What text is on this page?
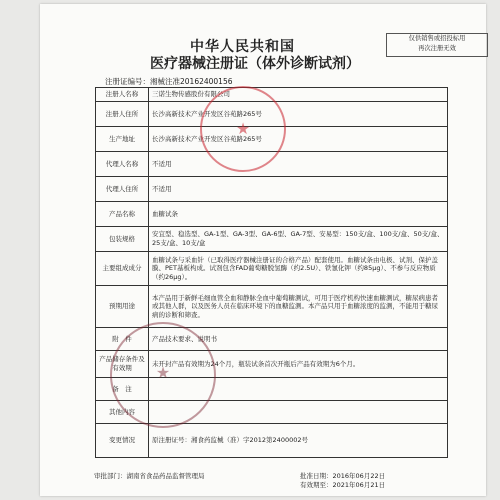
仅供销售或招投标用
再次注册无效
中华人民共和国
医疗器械注册证（体外诊断试剂）
注册证编号：湘械注准20162400156
注册人名称	三诺生物传感股份有限公司
注册人住所	长沙高新技术产业开发区谷苑路265号
生产地址	长沙高新技术产业开发区谷苑路265号
代理人名称	不适用
代理人住所	不适用
产品名称	血糖试条
包装规格	安宜型、稳选型、GA-1型、GA-3型、GA-6型、GA-7型、安易型：150支/盒、100支/盒、50支/盒、25支/盒、10支/盒
主要组成成分	血糖试条与采血针（已取得医疗器械注册证的合格产品）配套使用。血糖试条由电极、试剂、保护盖膜、PET基板构成。试剂包含FAD葡萄糖脱氢酶（约2.5U）、铁氰化钾（约85μg）、不参与反应物质（约26μg）。
预期用途	本产品用于新鲜毛细血管全血和静脉全血中葡萄糖测试，可用于医疗机构快速血糖测试，糖尿病患者或其他人群，以及医务人员在临床环境下的血糖监测。本产品只用于血糖浓度的监测，不能用于糖尿病的诊断和筛查。
附　件	产品技术要求、说明书
产品储存条件及有效期	未开封产品有效期为24个月，瓶装试条首次开瓶后产品有效期为6个月。
备　注	
其他内容	
变更情况	原注册证号：湘食药监械（准）字2012第2400002号
审批部门：湖南省食品药品监督管理局	批准日期：2016年06月22日
有效期至：2021年06月21日
★
★
